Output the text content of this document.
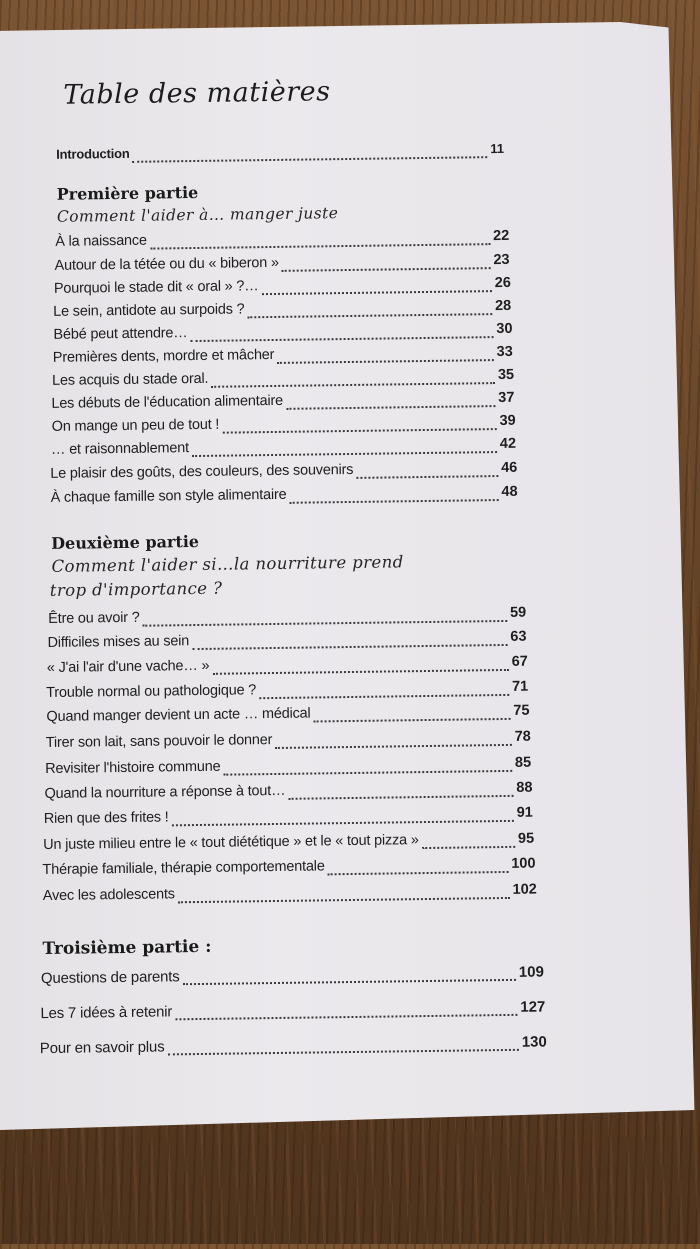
Table des matières
Introduction	11
Première partie
Comment l'aider à… manger juste
À la naissance	22
Autour de la tétée ou du « biberon »	23
Pourquoi le stade dit « oral » ?…	26
Le sein, antidote au surpoids ?	28
Bébé peut attendre…	30
Premières dents, mordre et mâcher	33
Les acquis du stade oral.	35
Les débuts de l'éducation alimentaire	37
On mange un peu de tout !	39
… et raisonnablement	42
Le plaisir des goûts, des couleurs, des souvenirs	46
À chaque famille son style alimentaire	48
Deuxième partie
Comment l'aider si…la nourriture prend
trop d'importance ?
Être ou avoir ?	59
Difficiles mises au sein	63
« J'ai l'air d'une vache… »	67
Trouble normal ou pathologique ?	71
Quand manger devient un acte … médical	75
Tirer son lait, sans pouvoir le donner	78
Revisiter l'histoire commune	85
Quand la nourriture a réponse à tout…	88
Rien que des frites !	91
Un juste milieu entre le « tout diététique » et le « tout pizza »	95
Thérapie familiale, thérapie comportementale	100
Avec les adolescents	102
Troisième partie :
Questions de parents	109
Les 7 idées à retenir	127
Pour en savoir plus	130
